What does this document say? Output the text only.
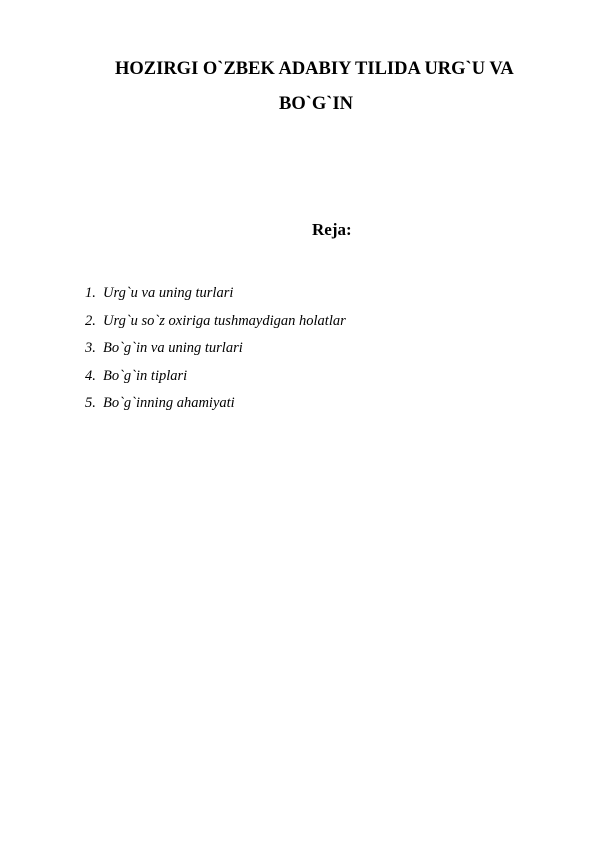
HOZIRGI O`ZBEK ADABIY TILIDA URG`U VA
BO`G`IN
Reja:
1. Urg`u va uning turlari
2. Urg`u so`z oxiriga tushmaydigan holatlar
3. Bo`g`in va uning turlari
4. Bo`g`in tiplari
5. Bo`g`inning ahamiyati
